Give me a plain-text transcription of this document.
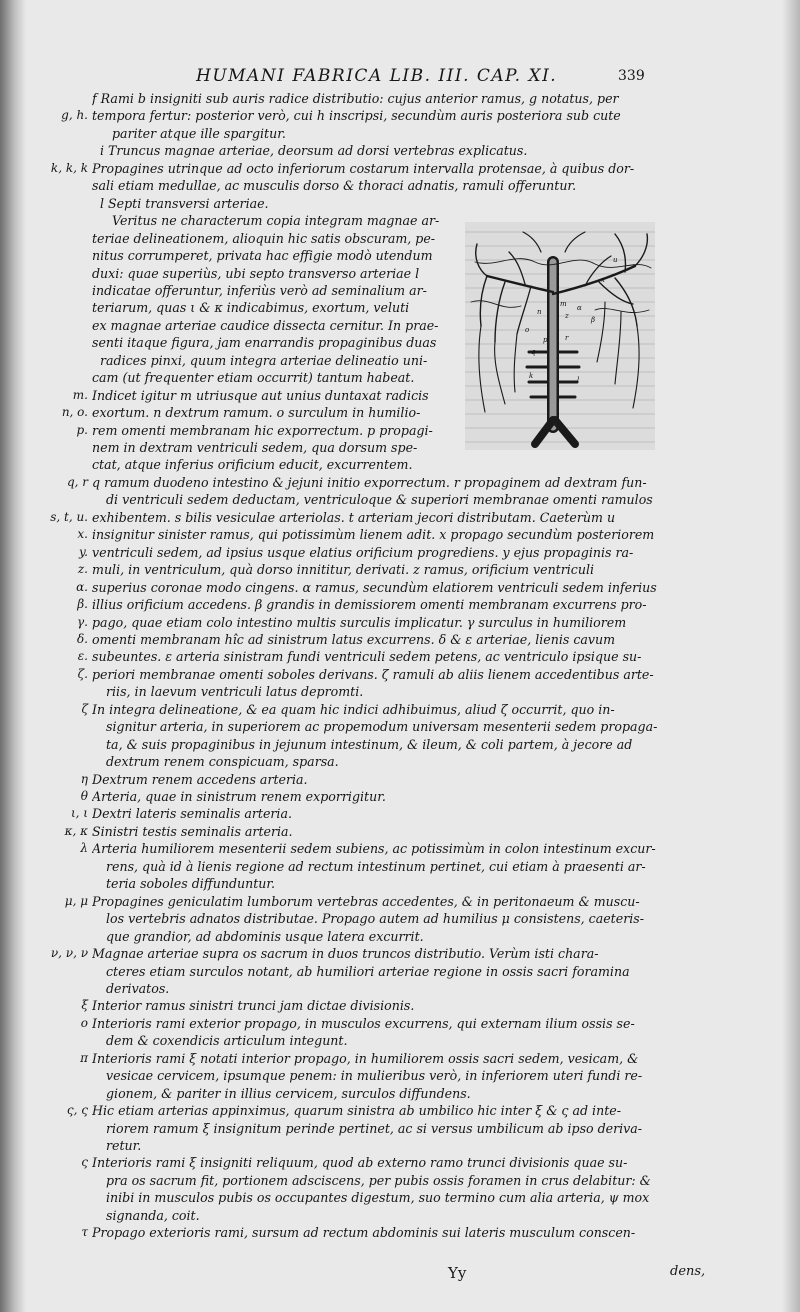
HUMANI FABRICA LIB. III. CAP. XI.	339
f Rami b insigniti sub auris radice distributio: cujus anterior ramus, g notatus, per
g, h. tempora fertur: posterior verò, cui h inscripsi, secundùm auris posteriora sub cute
pariter atque ille spargitur.
i Truncus magnae arteriae, deorsum ad dorsi vertebras explicatus.
k, k, k Propagines utrinque ad octo inferiorum costarum intervalla protensae, à quibus dor-
sali etiam medullae, ac musculis dorso & thoraci adnatis, ramuli offeruntur.
l Septi transversi arteriae.
Veritus ne characterum copia integram magnae ar-
teriae delineationem, alioquin hic satis obscuram, pe-
nitus corrumperet, privata hac effigie modò utendum
duxi: quae superiùs, ubi septo transverso arteriae l
indicatae offeruntur, inferiùs verò ad seminalium ar-
teriarum, quas ι & κ indicabimus, exortum, veluti
ex magnae arteriae caudice dissecta cernitur. In prae-
senti itaque figura, jam enarrandis propaginibus duas
radices pinxi, quum integra arteriae delineatio uni-
cam (ut frequenter etiam occurrit) tantum habeat.
m. Indicet igitur m utriusque aut unius duntaxat radicis
n, o. exortum. n dextrum ramum. o surculum in humilio-
p. rem omenti membranam hic exporrectum. p propagi-
nem in dextram ventriculi sedem, qua dorsum spe-
ctat, atque inferius orificium educit, excurrentem.
q, r q ramum duodeno intestino & jejuni initio exporrectum. r propaginem ad dextram fun-
di ventriculi sedem deductam, ventriculoque & superiori membranae omenti ramulos
s, t, u. exhibentem. s bilis vesiculae arteriolas. t arteriam jecori distributam. Caeterùm u
x. insignitur sinister ramus, qui potissimùm lienem adit. x propago secundùm posteriorem
y. ventriculi sedem, ad ipsius usque elatius orificium progrediens. y ejus propaginis ra-
z. muli, in ventriculum, quà dorso innititur, derivati. z ramus, orificium ventriculi
α. superius coronae modo cingens. α ramus, secundùm elatiorem ventriculi sedem inferius
β. illius orificium accedens. β grandis in demissiorem omenti membranam excurrens pro-
γ. pago, quae etiam colo intestino multis surculis implicatur. γ surculus in humiliorem
δ. omenti membranam hîc ad sinistrum latus excurrens. δ & ε arteriae, lienis cavum
ε. subeuntes. ε arteria sinistram fundi ventriculi sedem petens, ac ventriculo ipsique su-
ζ. periori membranae omenti soboles derivans. ζ ramuli ab aliis lienem accedentibus arte-
riis, in laevum ventriculi latus depromti.
ζ In integra delineatione, & ea quam hic indici adhibuimus, aliud ζ occurrit, quo in-
signitur arteria, in superiorem ac propemodum universam mesenterii sedem propaga-
ta, & suis propaginibus in jejunum intestinum, & ileum, & coli partem, à jecore ad
dextrum renem conspicuam, sparsa.
η Dextrum renem accedens arteria.
θ Arteria, quae in sinistrum renem exporrigitur.
ι, ι Dextri lateris seminalis arteria.
κ, κ Sinistri testis seminalis arteria.
λ Arteria humiliorem mesenterii sedem subiens, ac potissimùm in colon intestinum excur-
rens, quà id à lienis regione ad rectum intestinum pertinet, cui etiam à praesenti ar-
teria soboles diffunduntur.
μ, μ Propagines geniculatim lumborum vertebras accedentes, & in peritonaeum & muscu-
los vertebris adnatos distributae. Propago autem ad humilius μ consistens, caeteris-
que grandior, ad abdominis usque latera excurrit.
ν, ν, ν Magnae arteriae supra os sacrum in duos truncos distributio. Verùm isti chara-
cteres etiam surculos notant, ab humiliori arteriae regione in ossis sacri foramina
derivatos.
ξ Interior ramus sinistri trunci jam dictae divisionis.
ο Interioris rami exterior propago, in musculos excurrens, qui externam ilium ossis se-
dem & coxendicis articulum integunt.
π Interioris rami ξ notati interior propago, in humiliorem ossis sacri sedem, vesicam, &
vesicae cervicem, ipsumque penem: in mulieribus verò, in inferiorem uteri fundi re-
gionem, & pariter in illius cervicem, surculos diffundens.
ς, ς Hic etiam arterias appinximus, quarum sinistra ab umbilico hic inter ξ & ς ad inte-
riorem ramum ξ insignitum perinde pertinet, ac si versus umbilicum ab ipso deriva-
retur.
ς Interioris rami ξ insigniti reliquum, quod ab externo ramo trunci divisionis quae su-
pra os sacrum fit, portionem adsciscens, per pubis ossis foramen in crus delabitur: &
inibi in musculos pubis os occupantes digestum, suo termino cum alia arteria, ψ mox
signanda, coit.
τ Propago exterioris rami, sursum ad rectum abdominis sui lateris musculum conscen-
m
n	z
α
β
o
p
q
r
u
x
k	l
Yy	dens,
